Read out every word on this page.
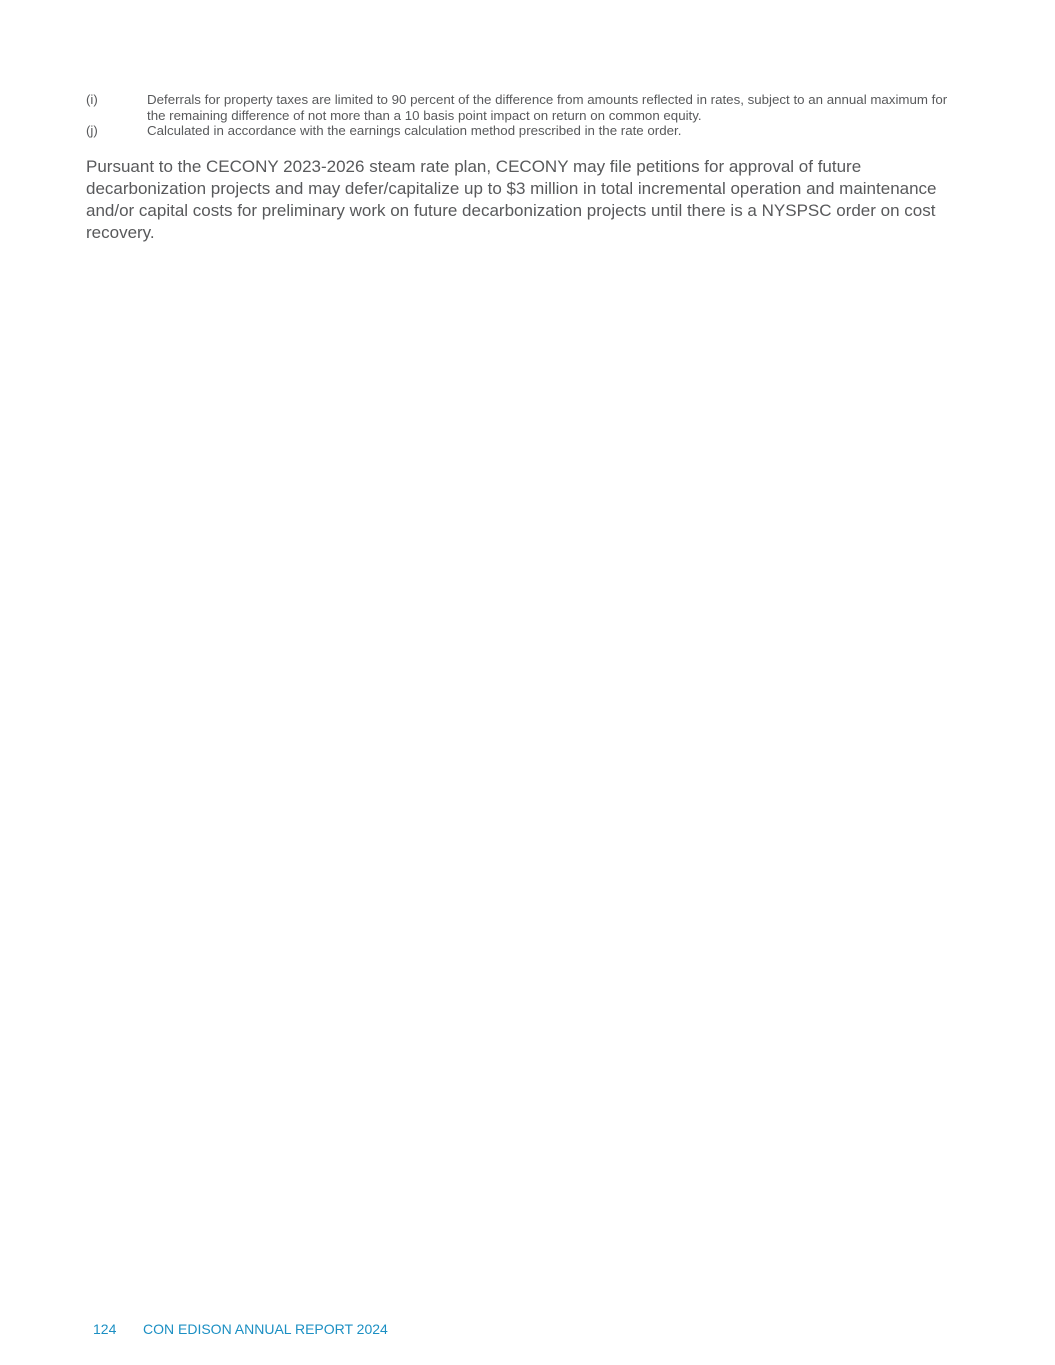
(i)	Deferrals for property taxes are limited to 90 percent of the difference from amounts reflected in rates, subject to an annual maximum for the remaining difference of not more than a 10 basis point impact on return on common equity.
(j)	Calculated in accordance with the earnings calculation method prescribed in the rate order.

Pursuant to the CECONY 2023-2026 steam rate plan, CECONY may file petitions for approval of future decarbonization projects and may defer/capitalize up to $3 million in total incremental operation and maintenance and/or capital costs for preliminary work on future decarbonization projects until there is a NYSPSC order on cost recovery.

124	CON EDISON ANNUAL REPORT 2024
